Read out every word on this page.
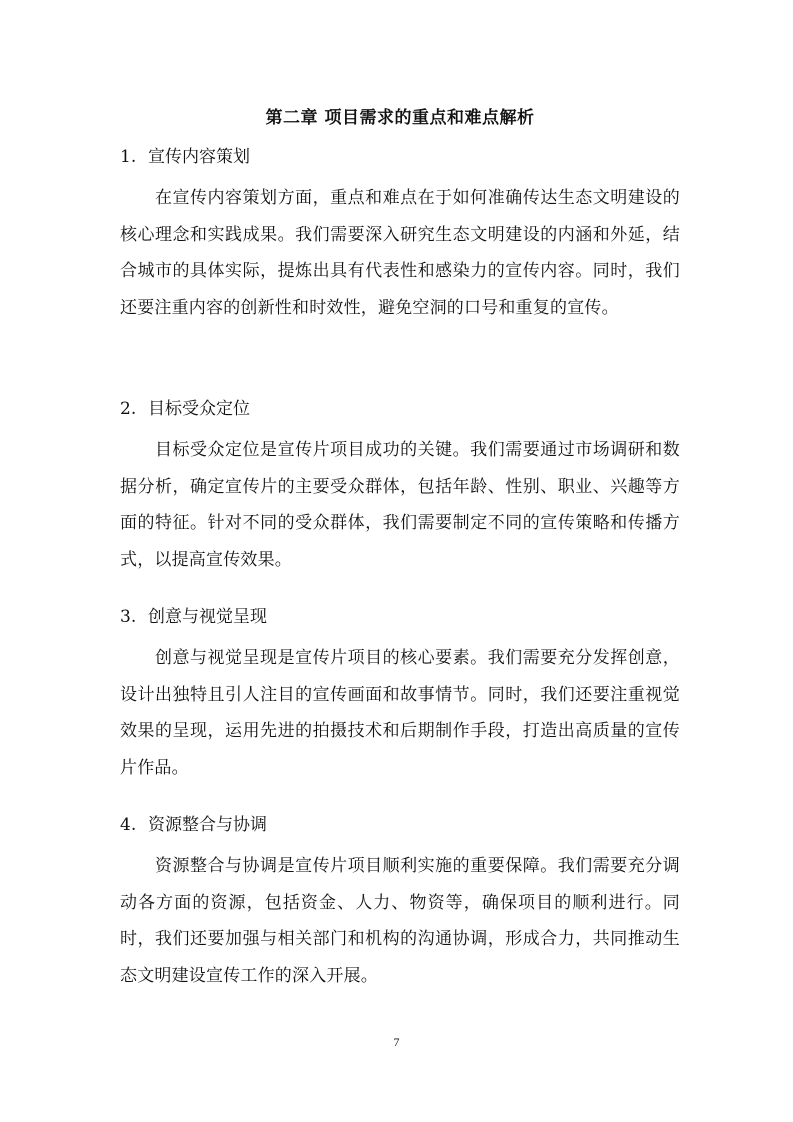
第二章 项目需求的重点和难点解析
1. 宣传内容策划
在宣传内容策划方面，重点和难点在于如何准确传达生态文明建设的核心理念和实践成果。我们需要深入研究生态文明建设的内涵和外延，结合城市的具体实际，提炼出具有代表性和感染力的宣传内容。同时，我们还要注重内容的创新性和时效性，避免空洞的口号和重复的宣传。
2. 目标受众定位
目标受众定位是宣传片项目成功的关键。我们需要通过市场调研和数据分析，确定宣传片的主要受众群体，包括年龄、性别、职业、兴趣等方面的特征。针对不同的受众群体，我们需要制定不同的宣传策略和传播方式，以提高宣传效果。
3. 创意与视觉呈现
创意与视觉呈现是宣传片项目的核心要素。我们需要充分发挥创意，设计出独特且引人注目的宣传画面和故事情节。同时，我们还要注重视觉效果的呈现，运用先进的拍摄技术和后期制作手段，打造出高质量的宣传片作品。
4. 资源整合与协调
资源整合与协调是宣传片项目顺利实施的重要保障。我们需要充分调动各方面的资源，包括资金、人力、物资等，确保项目的顺利进行。同时，我们还要加强与相关部门和机构的沟通协调，形成合力，共同推动生态文明建设宣传工作的深入开展。
7
